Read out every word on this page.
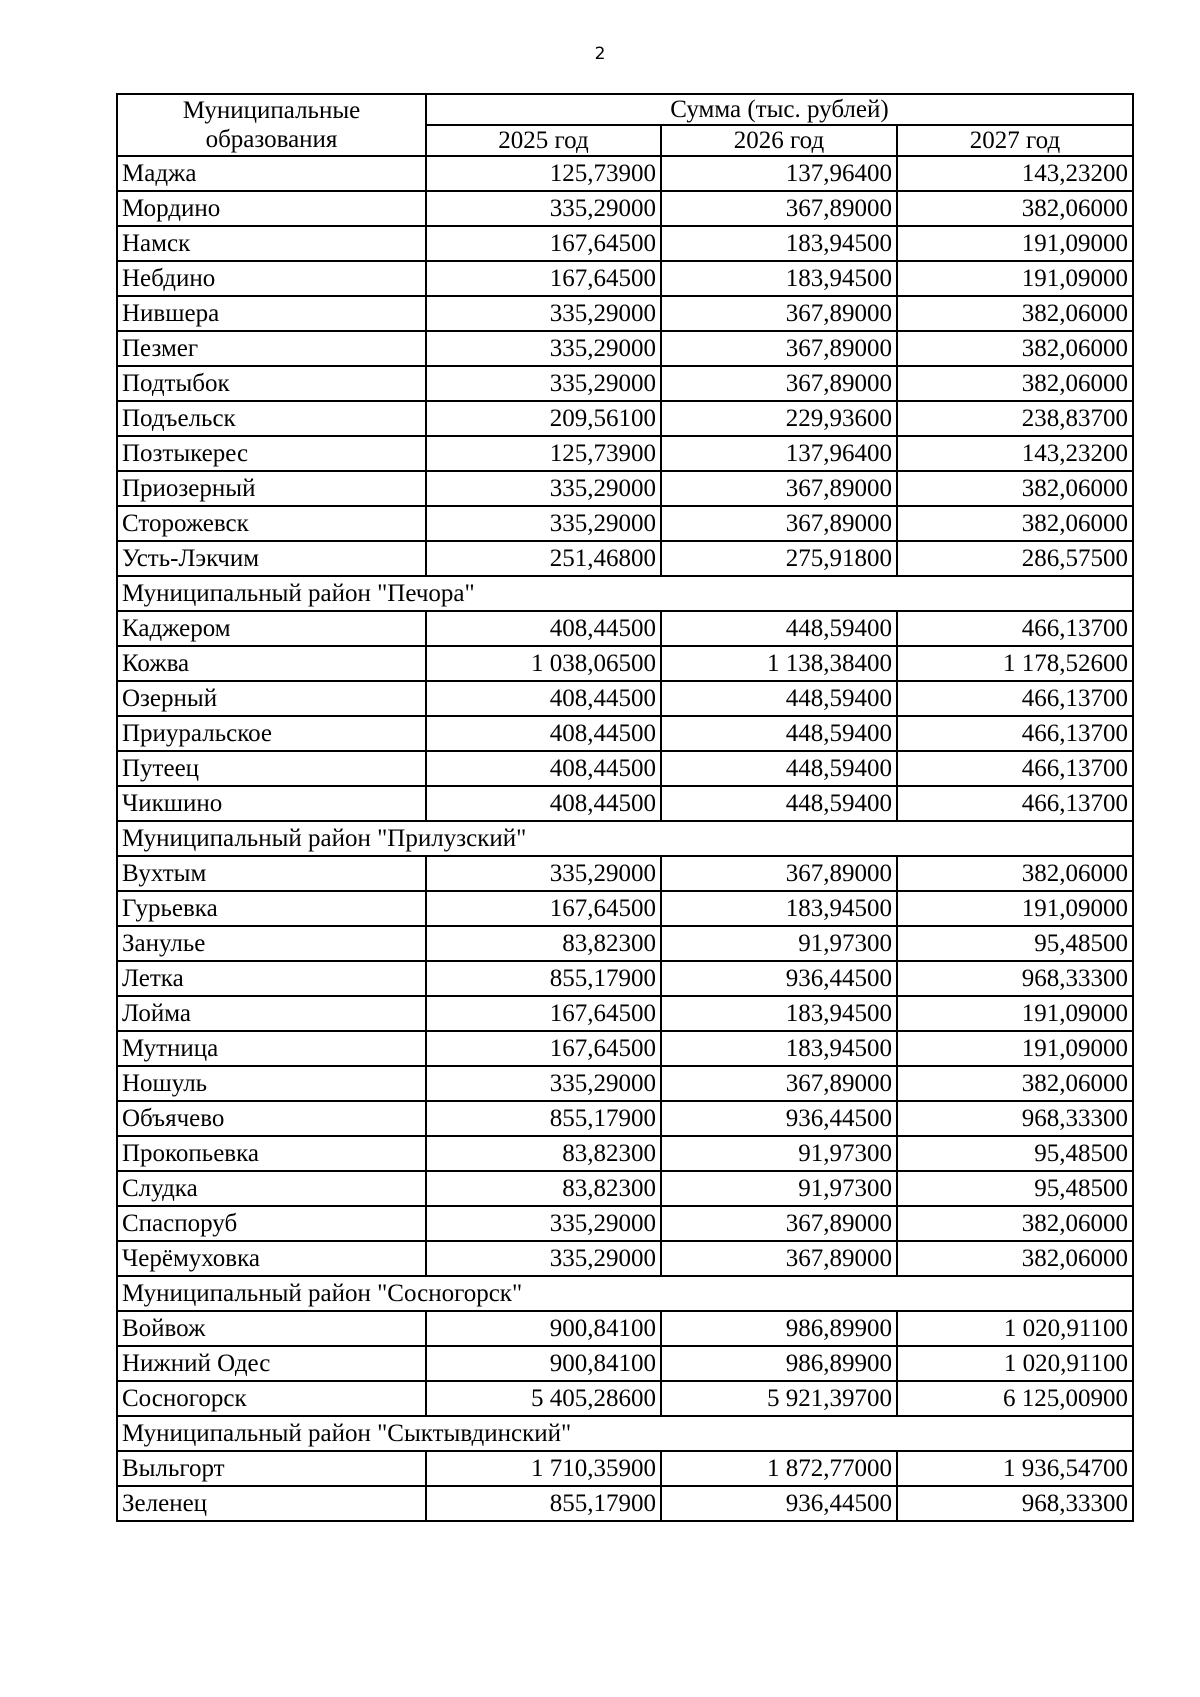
2
Муниципальные
образования	Сумма (тыс. рублей)		
	2025 год	2026 год	2027 год
Маджа	125,73900	137,96400	143,23200
Мордино	335,29000	367,89000	382,06000
Намск	167,64500	183,94500	191,09000
Небдино	167,64500	183,94500	191,09000
Нившера	335,29000	367,89000	382,06000
Пезмег	335,29000	367,89000	382,06000
Подтыбок	335,29000	367,89000	382,06000
Подъельск	209,56100	229,93600	238,83700
Позтыкерес	125,73900	137,96400	143,23200
Приозерный	335,29000	367,89000	382,06000
Сторожевск	335,29000	367,89000	382,06000
Усть-Лэкчим	251,46800	275,91800	286,57500
Муниципальный район "Печора"			
Каджером	408,44500	448,59400	466,13700
Кожва	1 038,06500	1 138,38400	1 178,52600
Озерный	408,44500	448,59400	466,13700
Приуральское	408,44500	448,59400	466,13700
Путеец	408,44500	448,59400	466,13700
Чикшино	408,44500	448,59400	466,13700
Муниципальный район "Прилузский"			
Вухтым	335,29000	367,89000	382,06000
Гурьевка	167,64500	183,94500	191,09000
Занулье	83,82300	91,97300	95,48500
Летка	855,17900	936,44500	968,33300
Лойма	167,64500	183,94500	191,09000
Мутница	167,64500	183,94500	191,09000
Ношуль	335,29000	367,89000	382,06000
Объячево	855,17900	936,44500	968,33300
Прокопьевка	83,82300	91,97300	95,48500
Слудка	83,82300	91,97300	95,48500
Спаспоруб	335,29000	367,89000	382,06000
Черёмуховка	335,29000	367,89000	382,06000
Муниципальный район "Сосногорск"			
Войвож	900,84100	986,89900	1 020,91100
Нижний Одес	900,84100	986,89900	1 020,91100
Сосногорск	5 405,28600	5 921,39700	6 125,00900
Муниципальный район "Сыктывдинский"			
Выльгорт	1 710,35900	1 872,77000	1 936,54700
Зеленец	855,17900	936,44500	968,33300
